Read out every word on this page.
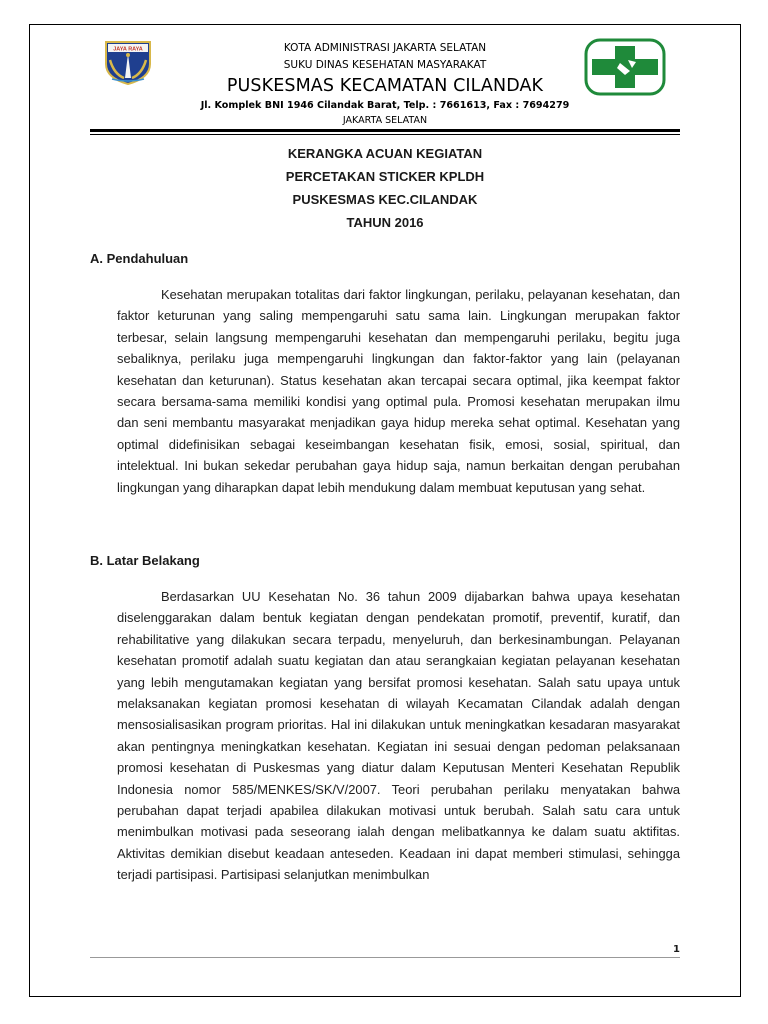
JAYA RAYA	KOTA ADMINISTRASI JAKARTA SELATAN
SUKU DINAS KESEHATAN MASYARAKAT
PUSKESMAS KECAMATAN CILANDAK
Jl. Komplek BNI 1946 Cilandak Barat, Telp. : 7661613, Fax : 7694279
JAKARTA SELATAN
KERANGKA ACUAN KEGIATAN
PERCETAKAN STICKER KPLDH
PUSKESMAS KEC.CILANDAK
TAHUN 2016

A. Pendahuluan

Kesehatan merupakan totalitas dari faktor lingkungan, perilaku, pelayanan kesehatan, dan faktor keturunan yang saling mempengaruhi satu sama lain. Lingkungan merupakan faktor terbesar, selain langsung mempengaruhi kesehatan dan mempengaruhi perilaku, begitu juga sebaliknya, perilaku juga mempengaruhi lingkungan dan faktor-faktor yang lain (pelayanan kesehatan dan keturunan). Status kesehatan akan tercapai secara optimal, jika keempat faktor secara bersama-sama memiliki kondisi yang optimal pula. Promosi kesehatan merupakan ilmu dan seni membantu masyarakat menjadikan gaya hidup mereka sehat optimal. Kesehatan yang optimal didefinisikan sebagai keseimbangan kesehatan fisik, emosi, sosial, spiritual, dan intelektual. Ini bukan sekedar perubahan gaya hidup saja, namun berkaitan dengan perubahan lingkungan yang diharapkan dapat lebih mendukung dalam membuat keputusan yang sehat.

B. Latar Belakang

Berdasarkan UU Kesehatan No. 36 tahun 2009 dijabarkan bahwa upaya kesehatan diselenggarakan dalam bentuk kegiatan dengan pendekatan promotif, preventif, kuratif, dan rehabilitative yang dilakukan secara terpadu, menyeluruh, dan berkesinambungan. Pelayanan kesehatan promotif adalah suatu kegiatan dan atau serangkaian kegiatan pelayanan kesehatan yang lebih mengutamakan kegiatan yang bersifat promosi kesehatan. Salah satu upaya untuk melaksanakan kegiatan promosi kesehatan di wilayah Kecamatan Cilandak adalah dengan mensosialisasikan program prioritas. Hal ini dilakukan untuk meningkatkan kesadaran masyarakat akan pentingnya meningkatkan kesehatan. Kegiatan ini sesuai dengan pedoman pelaksanaan promosi kesehatan di Puskesmas yang diatur dalam Keputusan Menteri Kesehatan Republik Indonesia nomor 585/MENKES/SK/V/2007. Teori perubahan perilaku menyatakan bahwa perubahan dapat terjadi apabilea dilakukan motivasi untuk berubah. Salah satu cara untuk menimbulkan motivasi pada seseorang ialah dengan melibatkannya ke dalam suatu aktifitas. Aktivitas demikian disebut keadaan anteseden. Keadaan ini dapat memberi stimulasi, sehingga terjadi partisipasi. Partisipasi selanjutkan menimbulkan

1
